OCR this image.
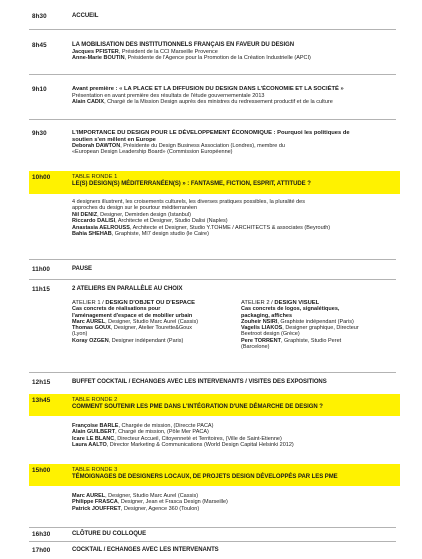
8h30	ACCUEIL
8h45	LA MOBILISATION DES INSTITUTIONNELS FRANÇAIS EN FAVEUR DU DESIGN
Jacques PFISTER, Président de la CCI Marseille Provence
Anne-Marie BOUTIN, Présidente de l'Agence pour la Promotion de la Création Industrielle (APCI)
9h10	Avant première : « LA PLACE ET LA DIFFUSION DU DESIGN DANS L'ÉCONOMIE ET LA SOCIÉTÉ »
Présentation en avant première des résultats de l'étude gouvernementale 2013
Alain CADIX, Chargé de la Mission Design auprès des ministres du redressement productif et de la culture
9h30	L'IMPORTANCE DU DESIGN POUR LE DÉVELOPPEMENT ÉCONOMIQUE : Pourquoi les politiques de
soutien s'en mêlent en Europe
Deborah DAWTON, Présidente du Design Business Association (Londres), membre du
«European Design Leadership Board» (Commission Européenne)
10h00	TABLE RONDE 1
LE(S) DESIGN(S) MÉDITERRANÉEN(S) » : FANTASME, FICTION, ESPRIT, ATTITUDE ?
4 designers illustrent, les croisements culturels, les diverses pratiques possibles, la pluralité des
approches du design sur le pourtour méditerranéen
Nil DENIZ, Designer, Demirden design (Istanbul)
Riccardo DALISI, Architecte et Designer, Studio Dalisi (Naples)
Anastasia AELROUSS, Architecte et Designer, Studio Y.TOHME / ARCHITECTS & associates (Beyrouth)
Bahia SHEHAB, Graphiste, MI7 design studio (le Caire)
11h00	PAUSE
11h15	2 ATELIERS EN PARALLÈLE AU CHOIX
ATELIER 1 / DESIGN D'OBJET OU D'ESPACE
Cas concrets de réalisations pour
l'aménagement d'espace et de mobilier urbain
Marc AUREL, Designer, Studio Marc Aurel (Cassis)
Thomas GOUX, Designer, Atelier Tourette&Goux
(Lyon)
Koray OZGEN, Designer indépendant (Paris)
ATELIER 2 / DESIGN VISUEL
Cas concrets de logos, signalétiques,
packaging, affiches
Zouheir NSIRI, Graphiste indépendant (Paris)
Vagelis LIAKOS, Designer graphique, Directeur
Beetroot design (Grèce)
Pere TORRENT, Graphiste, Studio Peret
(Barcelone)
12h15	BUFFET COCKTAIL / ECHANGES AVEC LES INTERVENANTS / VISITES DES EXPOSITIONS
13h45	TABLE RONDE 2
COMMENT SOUTENIR LES PME DANS L'INTÉGRATION D'UNE DÉMARCHE DE DESIGN ?
Françoise BARLE, Chargée de mission, (Direccte PACA)
Alain GUILBERT, Chargé de mission, (Pôle Mer PACA)
Icare LE BLANC, Directeur Accueil, Citoyenneté et Territoires, (Ville de Saint-Etienne)
Laura AALTO, Director Marketing & Communications (World Design Capital Helsinki 2012)
15h00	TABLE RONDE 3
TÉMOIGNAGES DE DESIGNERS LOCAUX, DE PROJETS DESIGN DÉVELOPPÉS PAR LES PME
Marc AUREL, Designer, Studio Marc Aurel (Cassis)
Philippe FRASCA, Designer, Jean et Frasca Design (Marseille)
Patrick JOUFFRET, Designer, Agence 360 (Toulon)
16h30	CLÔTURE DU COLLOQUE
17h00	COCKTAIL / ECHANGES AVEC LES INTERVENANTS
